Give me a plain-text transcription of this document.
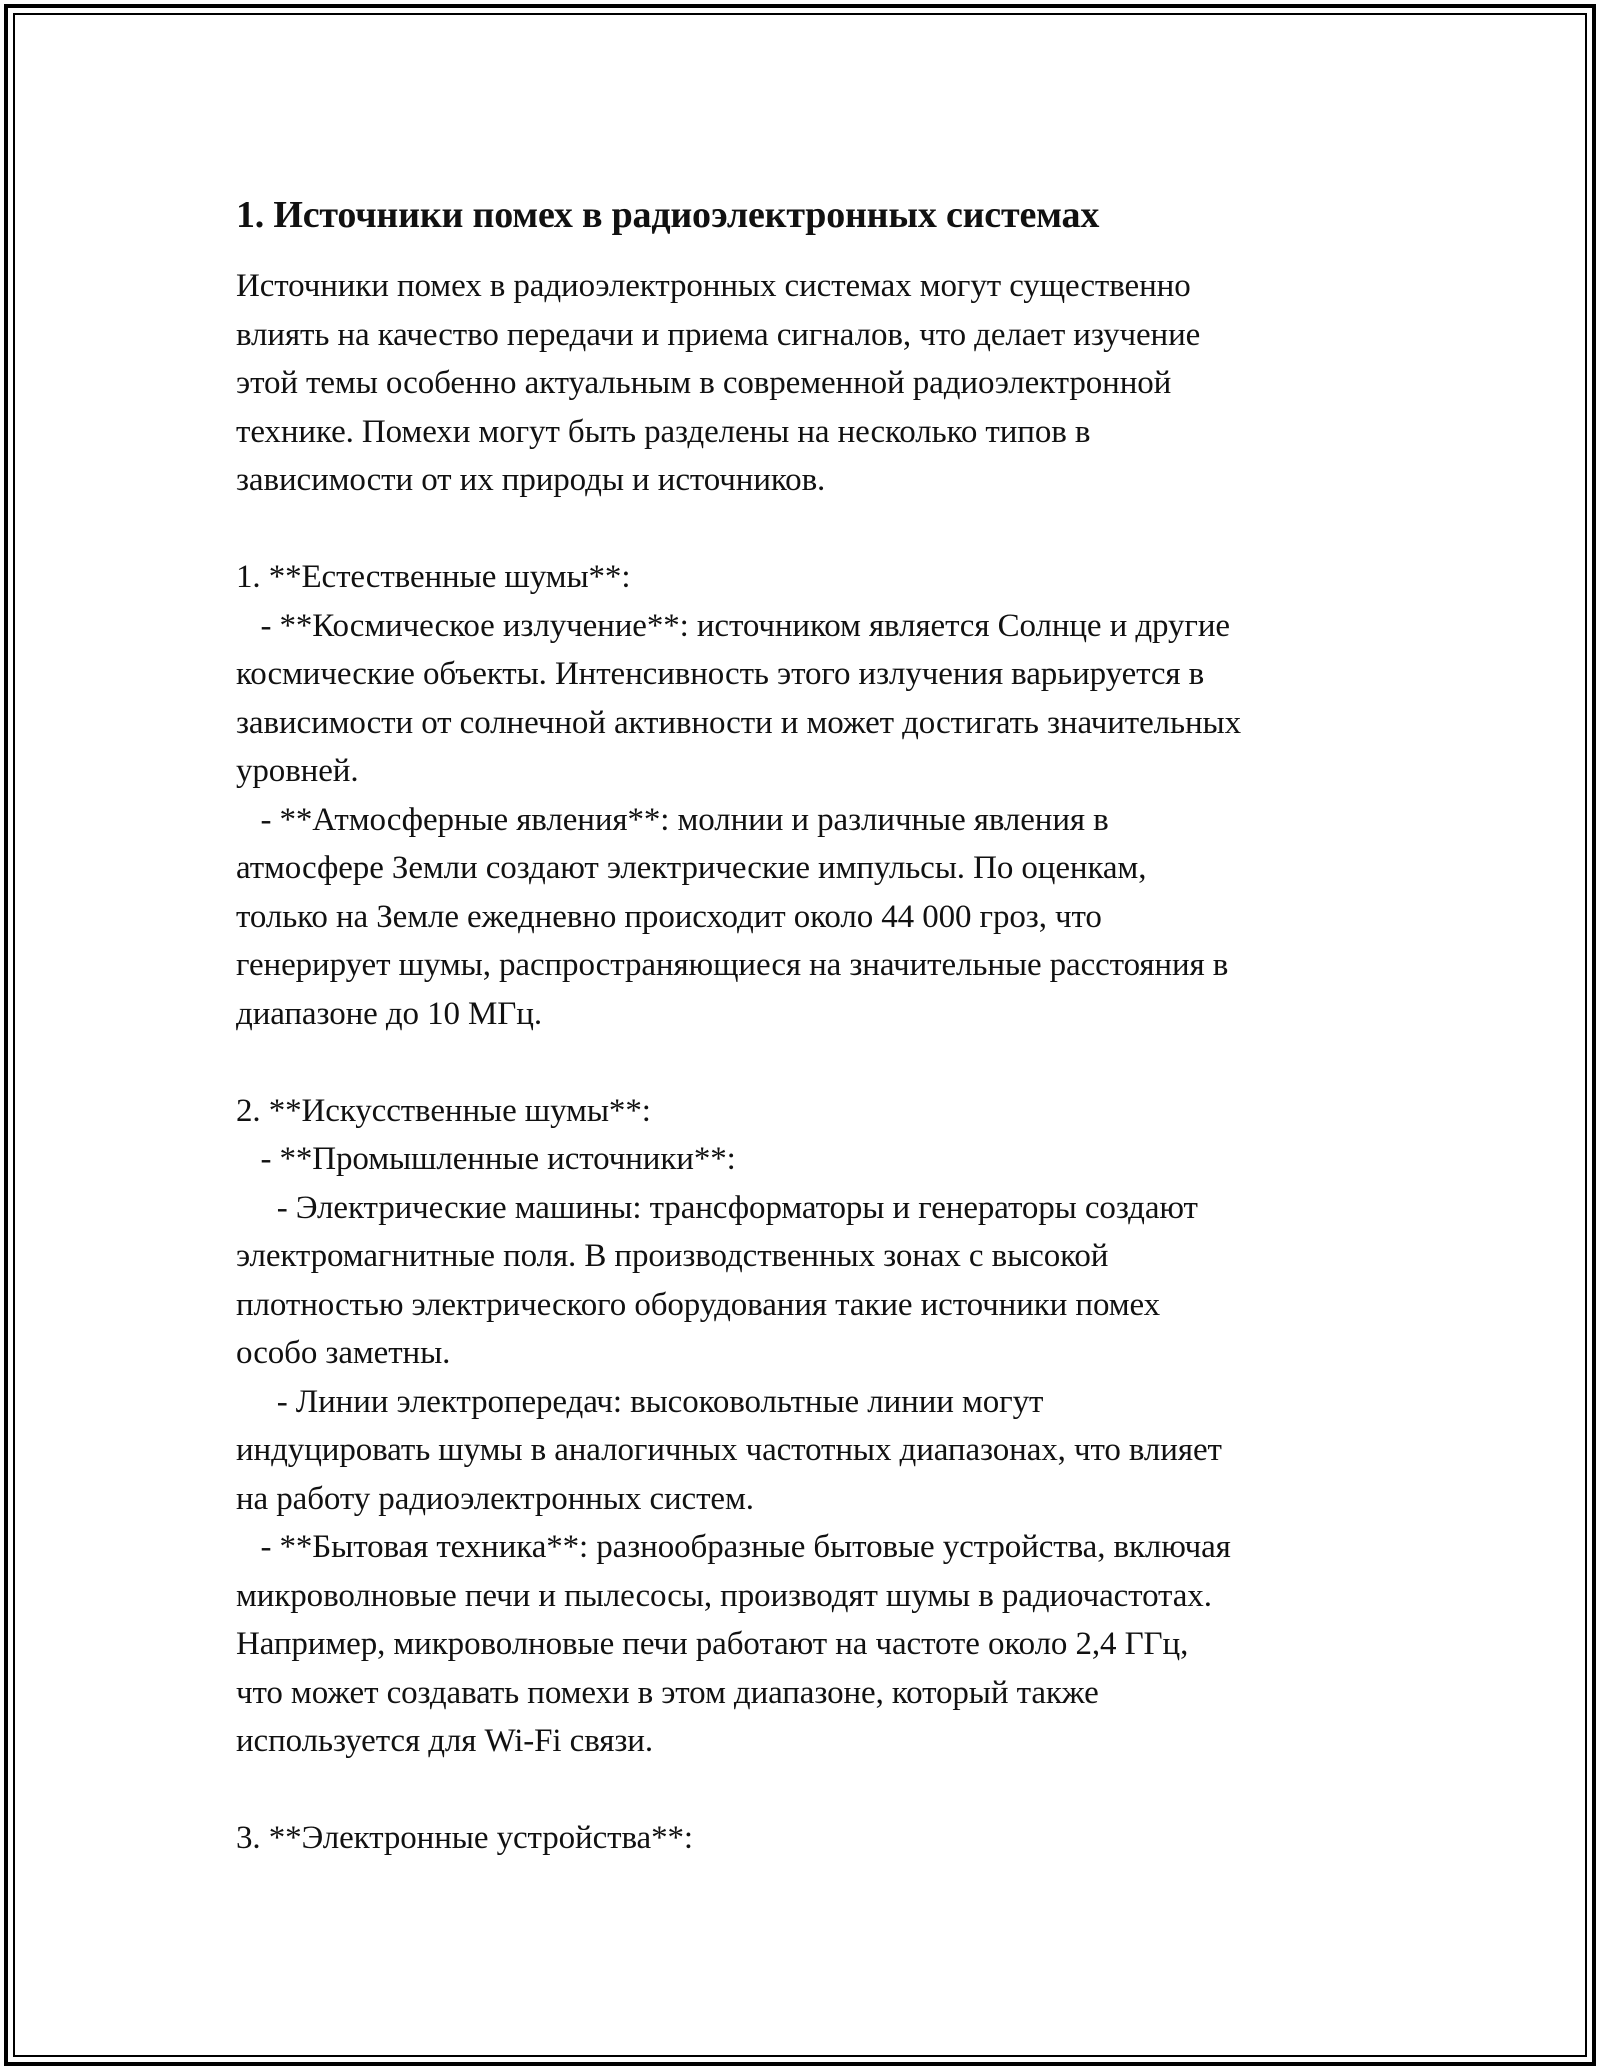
1. Источники помех в радиоэлектронных системах

Источники помех в радиоэлектронных системах могут существенно
влиять на качество передачи и приема сигналов, что делает изучение
этой темы особенно актуальным в современной радиоэлектронной
технике. Помехи могут быть разделены на несколько типов в
зависимости от их природы и источников.

1. **Естественные шумы**:
- **Космическое излучение**: источником является Солнце и другие
космические объекты. Интенсивность этого излучения варьируется в
зависимости от солнечной активности и может достигать значительных
уровней.
- **Атмосферные явления**: молнии и различные явления в
атмосфере Земли создают электрические импульсы. По оценкам,
только на Земле ежедневно происходит около 44 000 гроз, что
генерирует шумы, распространяющиеся на значительные расстояния в
диапазоне до 10 МГц.

2. **Искусственные шумы**:
- **Промышленные источники**:
- Электрические машины: трансформаторы и генераторы создают
электромагнитные поля. В производственных зонах с высокой
плотностью электрического оборудования такие источники помех
особо заметны.
- Линии электропередач: высоковольтные линии могут
индуцировать шумы в аналогичных частотных диапазонах, что влияет
на работу радиоэлектронных систем.
- **Бытовая техника**: разнообразные бытовые устройства, включая
микроволновые печи и пылесосы, производят шумы в радиочастотах.
Например, микроволновые печи работают на частоте около 2,4 ГГц,
что может создавать помехи в этом диапазоне, который также
используется для Wi-Fi связи.

3. **Электронные устройства**:
